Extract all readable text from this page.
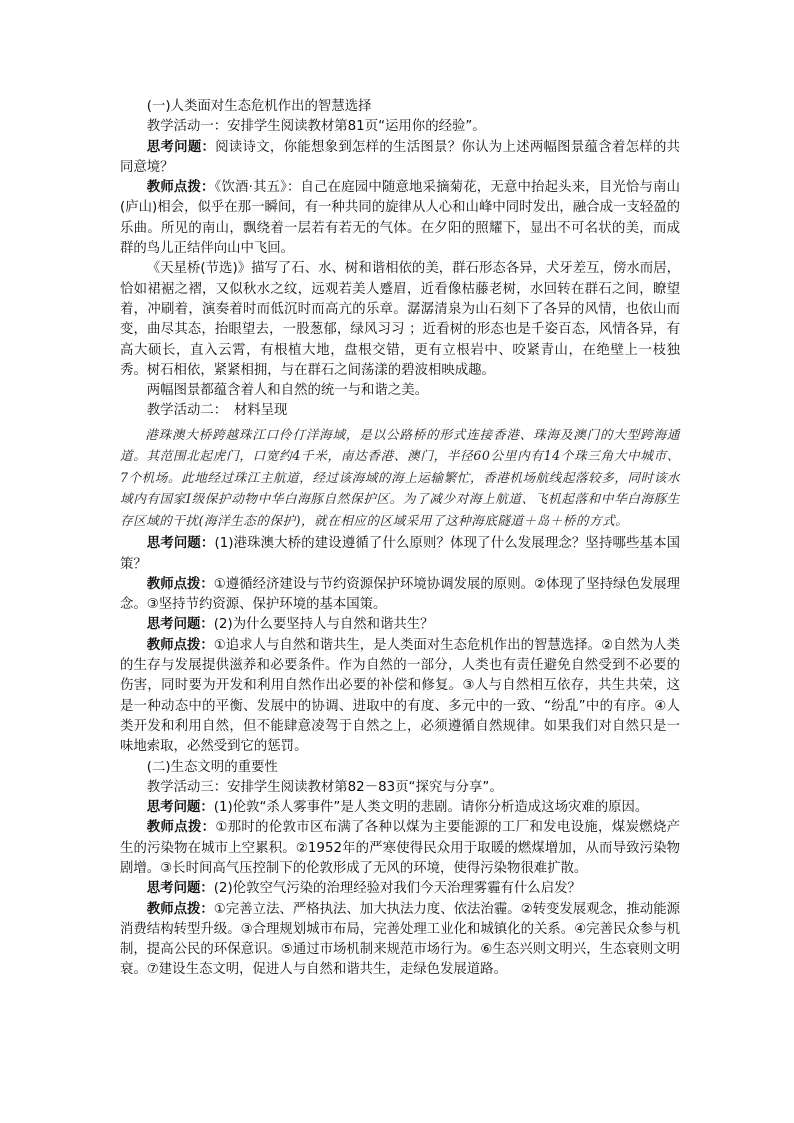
(一)人类面对生态危机作出的智慧选择

教学活动一：安排学生阅读教材第81页“运用你的经验”。

思考问题：阅读诗文，你能想象到怎样的生活图景？你认为上述两幅图景蕴含着怎样的共同意境？

教师点拨：《饮酒·其五》：自己在庭园中随意地采摘菊花，无意中抬起头来，目光恰与南山(庐山)相会，似乎在那一瞬间，有一种共同的旋律从人心和山峰中同时发出，融合成一支轻盈的乐曲。所见的南山，飘绕着一层若有若无的气体。在夕阳的照耀下，显出不可名状的美，而成群的鸟儿正结伴向山中飞回。

《天星桥(节选)》描写了石、水、树和谐相依的美，群石形态各异，犬牙差互，傍水而居，恰如裙裾之褶，又似秋水之纹，远观若美人蹙眉，近看像枯藤老树，水回转在群石之间，瞭望着，冲刷着，演奏着时而低沉时而高亢的乐章。潺潺清泉为山石刻下了各异的风情，也依山而变，曲尽其态，抬眼望去，一股葱郁，绿风习习 ；近看树的形态也是千姿百态，风情各异，有高大硕长，直入云霄，有根植大地，盘根交错，更有立根岩中、咬紧青山，在绝壁上一枝独秀。树石相依，紧紧相拥，与在群石之间荡漾的碧波相映成趣。

两幅图景都蕴含着人和自然的统一与和谐之美。

教学活动二：　材料呈现

港珠澳大桥跨越珠江口伶仃洋海域，是以公路桥的形式连接香港、珠海及澳门的大型跨海通道。其范围北起虎门，口宽约4千米，南达香港、澳门，半径60公里内有14个珠三角大中城市、7个机场。此地经过珠江主航道，经过该海域的海上运输繁忙，香港机场航线起落较多，同时该水域内有国家Ⅰ级保护动物中华白海豚自然保护区。为了减少对海上航道、飞机起落和中华白海豚生存区域的干扰(海洋生态的保护)，就在相应的区域采用了这种海底隧道＋岛＋桥的方式。

思考问题：(1)港珠澳大桥的建设遵循了什么原则？体现了什么发展理念？坚持哪些基本国策？

教师点拨：①遵循经济建设与节约资源保护环境协调发展的原则。②体现了坚持绿色发展理念。③坚持节约资源、保护环境的基本国策。

思考问题：(2)为什么要坚持人与自然和谐共生？

教师点拨：①追求人与自然和谐共生，是人类面对生态危机作出的智慧选择。②自然为人类的生存与发展提供滋养和必要条件。作为自然的一部分，人类也有责任避免自然受到不必要的伤害，同时要为开发和利用自然作出必要的补偿和修复。③人与自然相互依存，共生共荣，这是一种动态中的平衡、发展中的协调、进取中的有度、多元中的一致、“纷乱”中的有序。④人类开发和利用自然，但不能肆意凌驾于自然之上，必须遵循自然规律。如果我们对自然只是一味地索取，必然受到它的惩罚。

(二)生态文明的重要性

教学活动三：安排学生阅读教材第82－83页“探究与分享”。

思考问题：(1)伦敦“杀人雾事件”是人类文明的悲剧。请你分析造成这场灾难的原因。

教师点拨：①那时的伦敦市区布满了各种以煤为主要能源的工厂和发电设施，煤炭燃烧产生的污染物在城市上空累积。②1952年的严寒使得民众用于取暖的燃煤增加，从而导致污染物剧增。③长时间高气压控制下的伦敦形成了无风的环境，使得污染物很难扩散。

思考问题：(2)伦敦空气污染的治理经验对我们今天治理雾霾有什么启发？

教师点拨：①完善立法、严格执法、加大执法力度、依法治霾。②转变发展观念，推动能源消费结构转型升级。③合理规划城市布局，完善处理工业化和城镇化的关系。④完善民众参与机制，提高公民的环保意识。⑤通过市场机制来规范市场行为。⑥生态兴则文明兴，生态衰则文明衰。⑦建设生态文明，促进人与自然和谐共生，走绿色发展道路。
